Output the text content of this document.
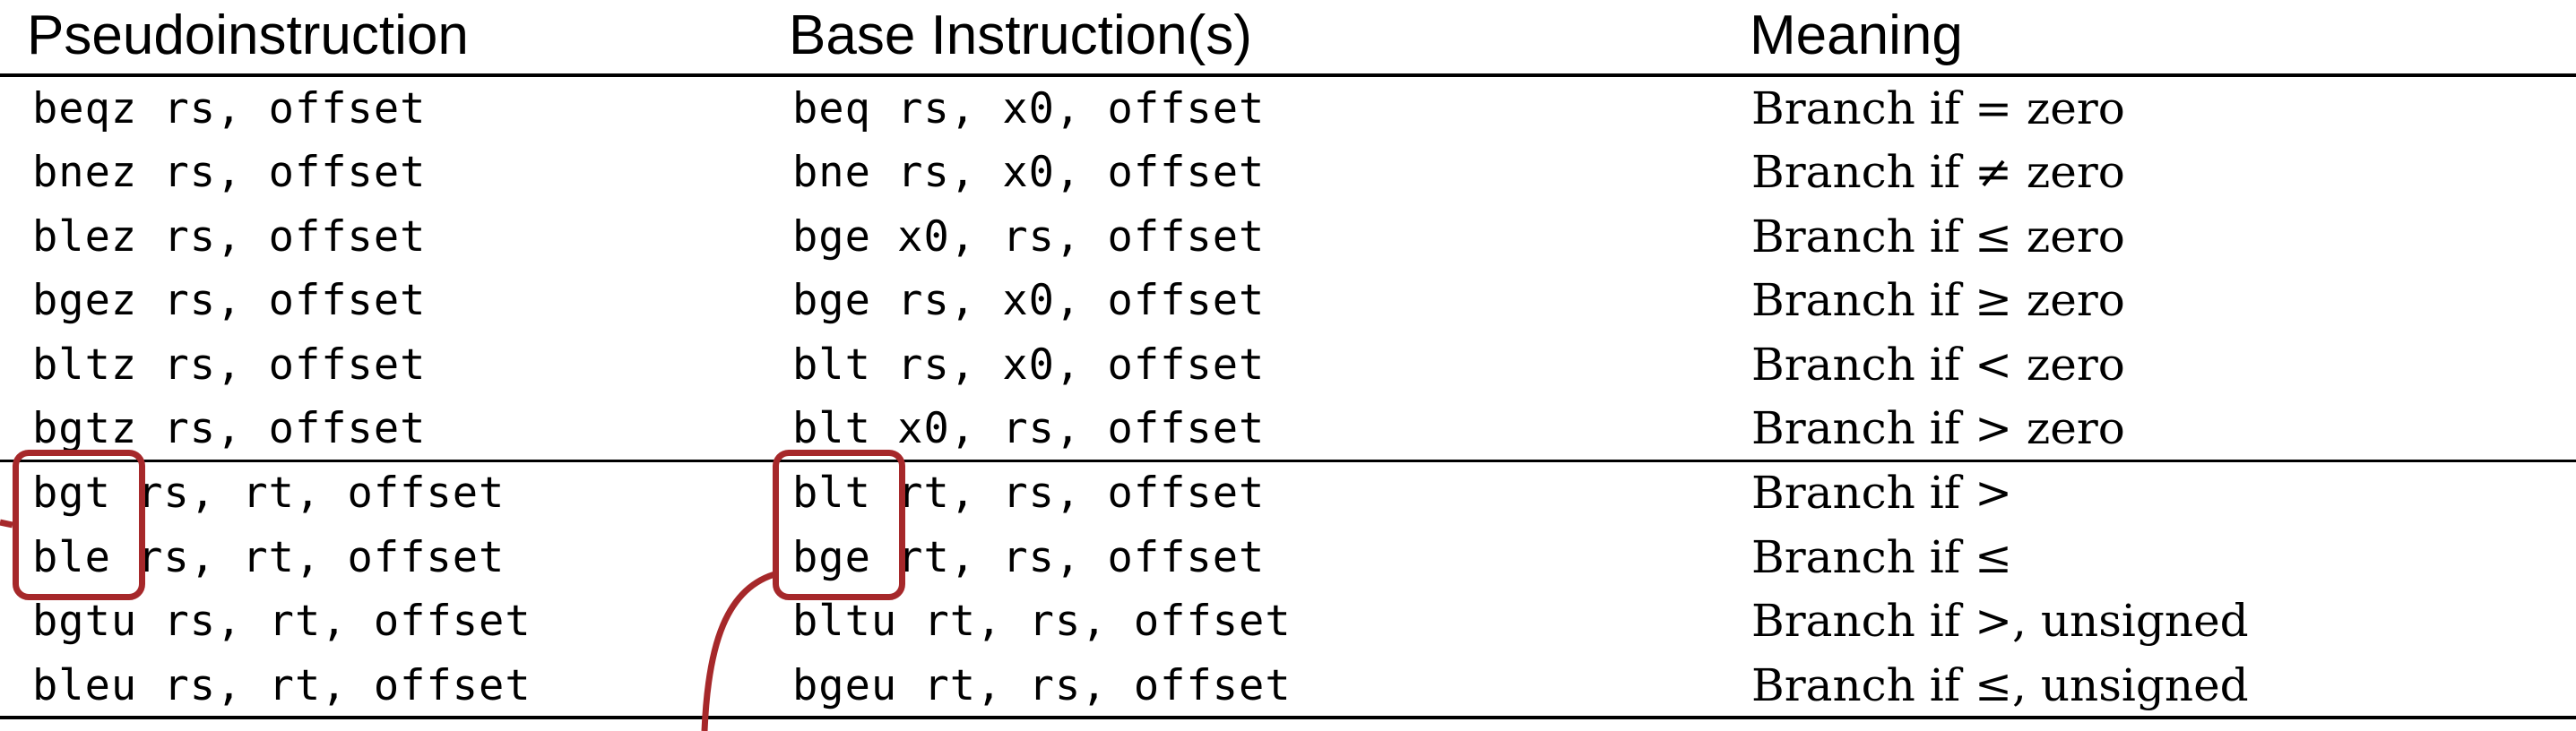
Pseudoinstruction	Base Instruction(s)	Meaning
beqz rs, offset	beq rs, x0, offset	Branch if = zero
bnez rs, offset	bne rs, x0, offset	Branch if ≠ zero
blez rs, offset	bge x0, rs, offset	Branch if ≤ zero
bgez rs, offset	bge rs, x0, offset	Branch if ≥ zero
bltz rs, offset	blt rs, x0, offset	Branch if < zero
bgtz rs, offset	blt x0, rs, offset	Branch if > zero
bgt rs, rt, offset	blt rt, rs, offset	Branch if >
ble rs, rt, offset	bge rt, rs, offset	Branch if ≤
bgtu rs, rt, offset	bltu rt, rs, offset	Branch if >, unsigned
bleu rs, rt, offset	bgeu rt, rs, offset	Branch if ≤, unsigned
